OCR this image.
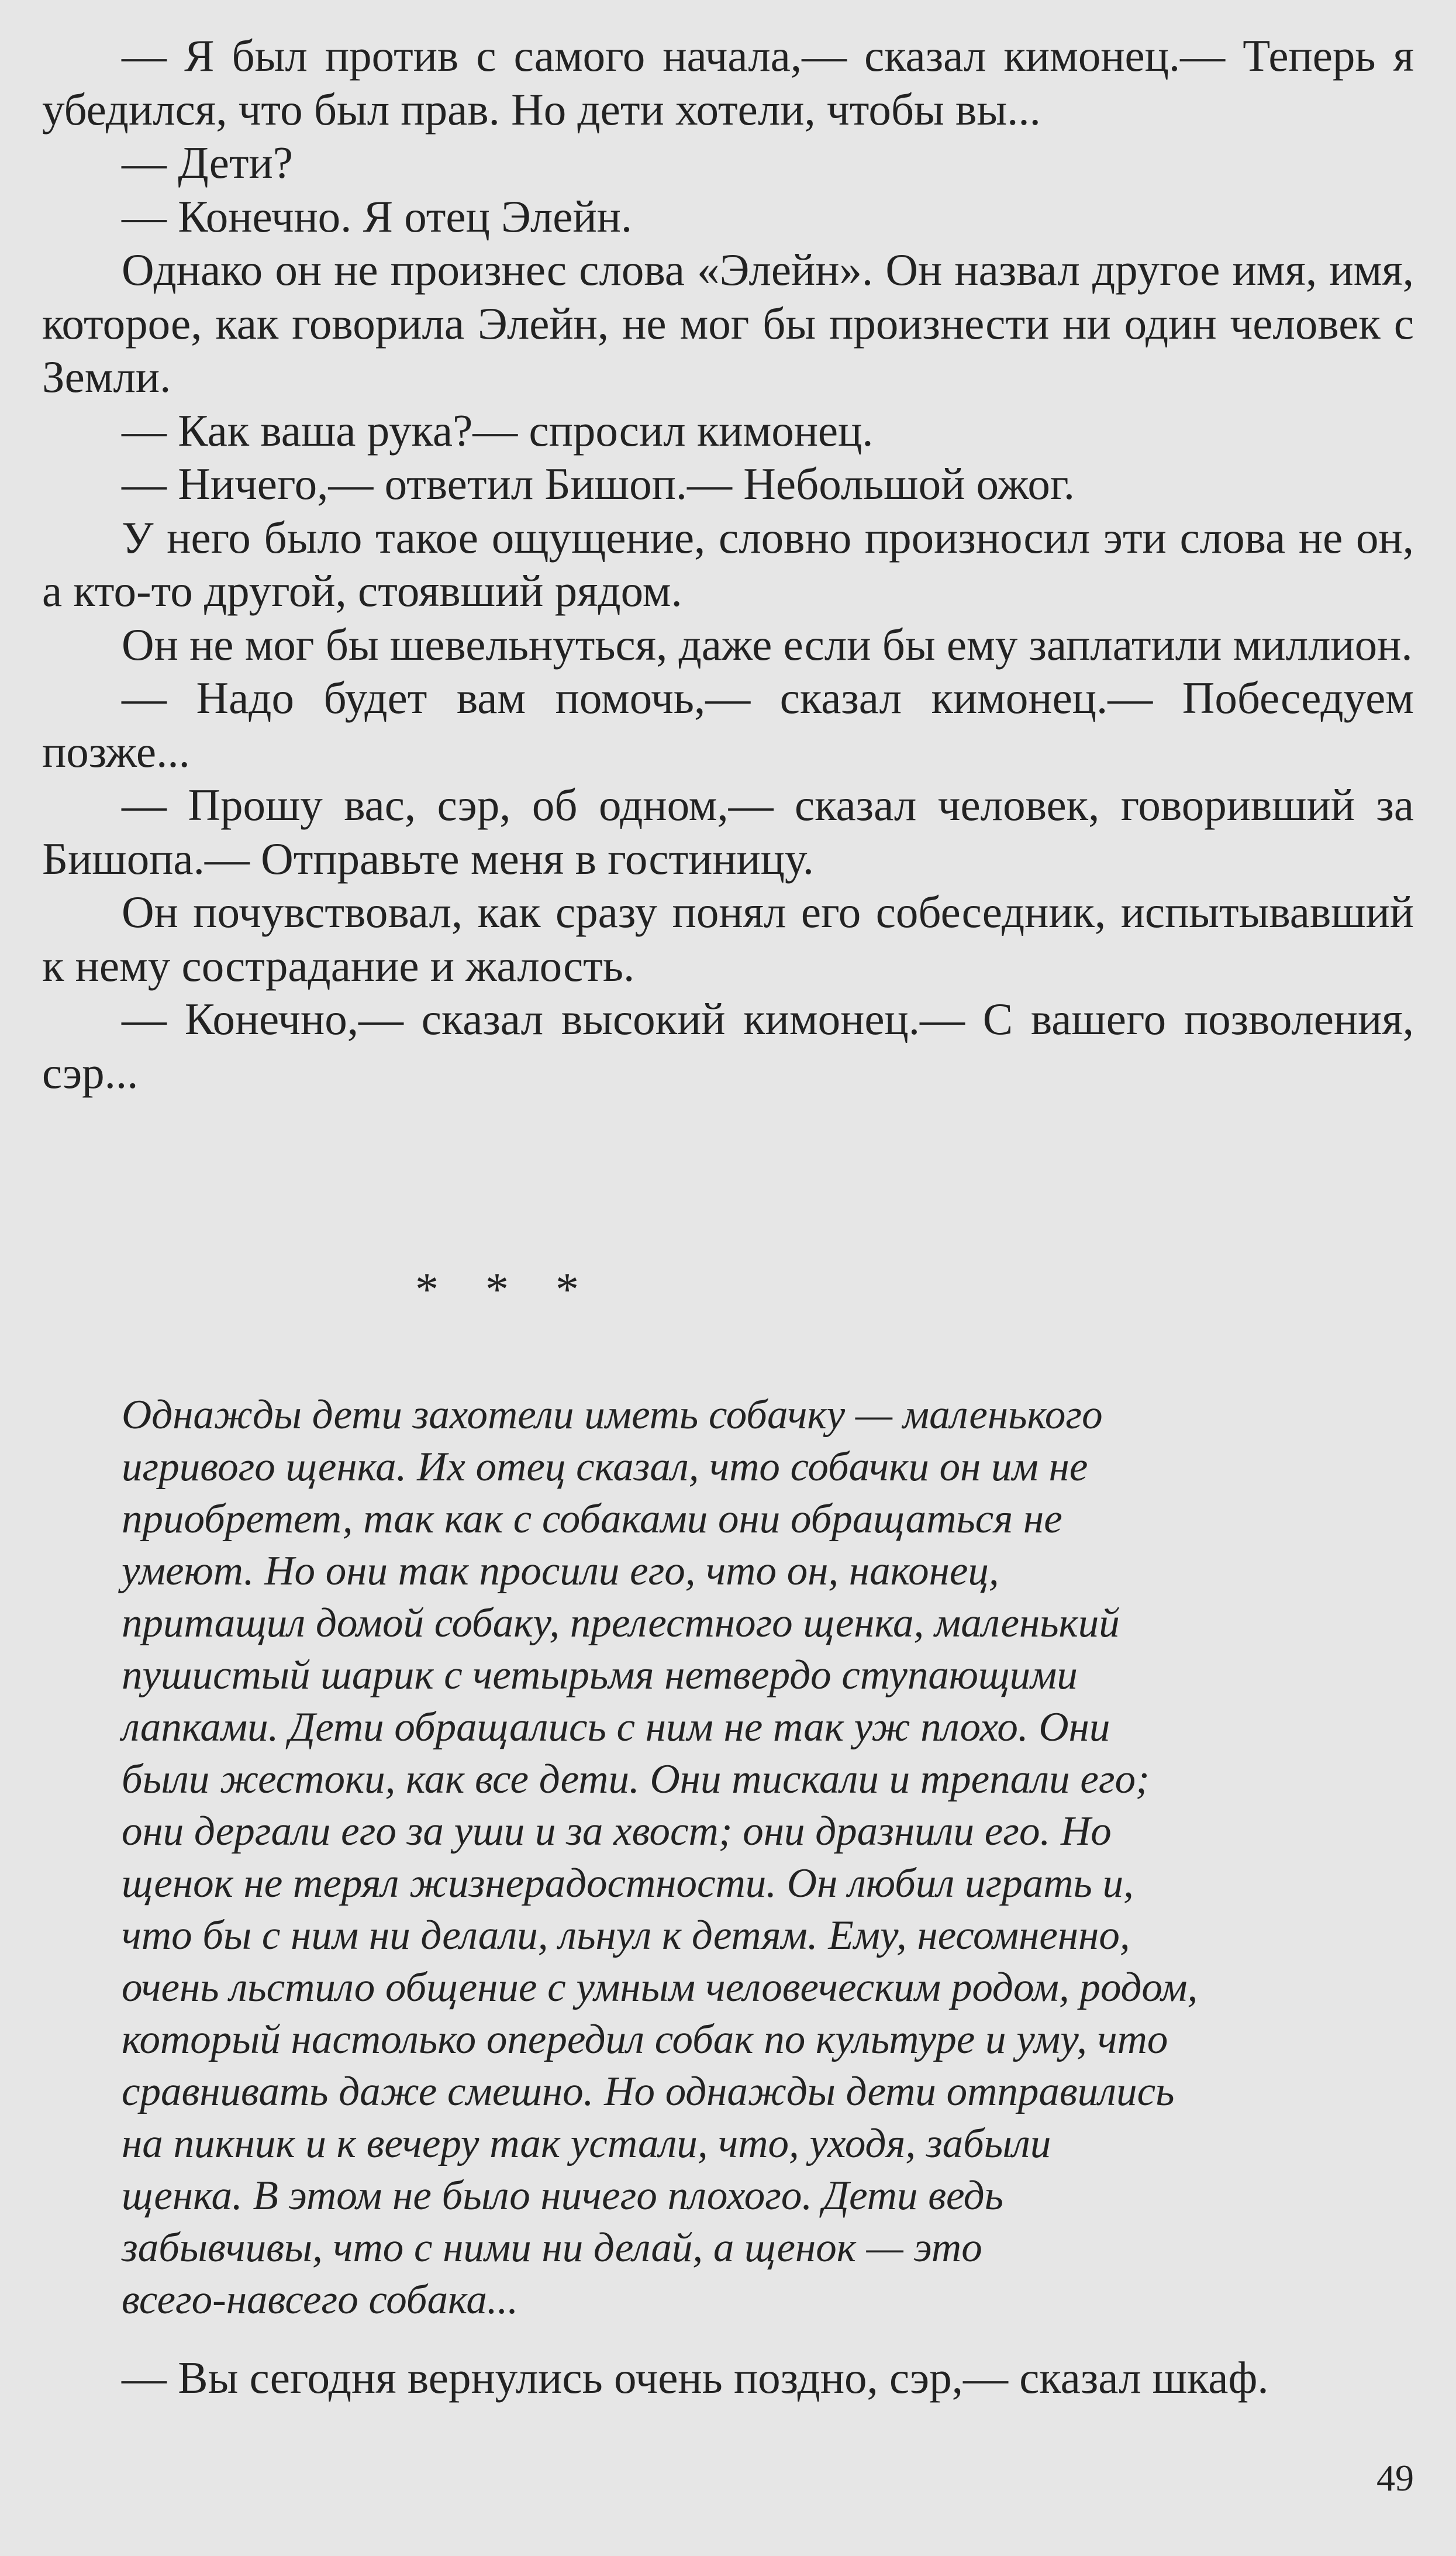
— Я был против с самого начала,— сказал кимонец.— Теперь я убедился, что был прав. Но дети хотели, чтобы вы...

— Дети?

— Конечно. Я отец Элейн.

Однако он не произнес слова «Элейн». Он назвал другое имя, имя, которое, как говорила Элейн, не мог бы произнести ни один человек с Земли.

— Как ваша рука?— спросил кимонец.

— Ничего,— ответил Бишоп.— Небольшой ожог.

У него было такое ощущение, словно произносил эти слова не он, а кто-то другой, стоявший рядом.

Он не мог бы шевельнуться, даже если бы ему заплатили миллион.

— Надо будет вам помочь,— сказал кимонец.— Побеседуем позже...

— Прошу вас, сэр, об одном,— сказал человек, говоривший за Бишопа.— Отправьте меня в гостиницу.

Он почувствовал, как сразу понял его собеседник, испытывавший к нему сострадание и жалость.

— Конечно,— сказал высокий кимонец.— С вашего позволения, сэр...

* * *
Однажды дети захотели иметь собачку — маленького
игривого щенка. Их отец сказал, что собачки он им не
приобретет, так как с собаками они обращаться не
умеют. Но они так просили его, что он, наконец,
притащил домой собаку, прелестного щенка, маленький
пушистый шарик с четырьмя нетвердо ступающими
лапками. Дети обращались с ним не так уж плохо. Они
были жестоки, как все дети. Они тискали и трепали его;
они дергали его за уши и за хвост; они дразнили его. Но
щенок не терял жизнерадостности. Он любил играть и,
что бы с ним ни делали, льнул к детям. Ему, несомненно,
очень льстило общение с умным человеческим родом, родом,
который настолько опередил собак по культуре и уму, что
сравнивать даже смешно. Но однажды дети отправились
на пикник и к вечеру так устали, что, уходя, забыли
щенка. В этом не было ничего плохого. Дети ведь
забывчивы, что с ними ни делай, а щенок — это
всего-навсего собака...

— Вы сегодня вернулись очень поздно, сэр,— сказал шкаф.

49
